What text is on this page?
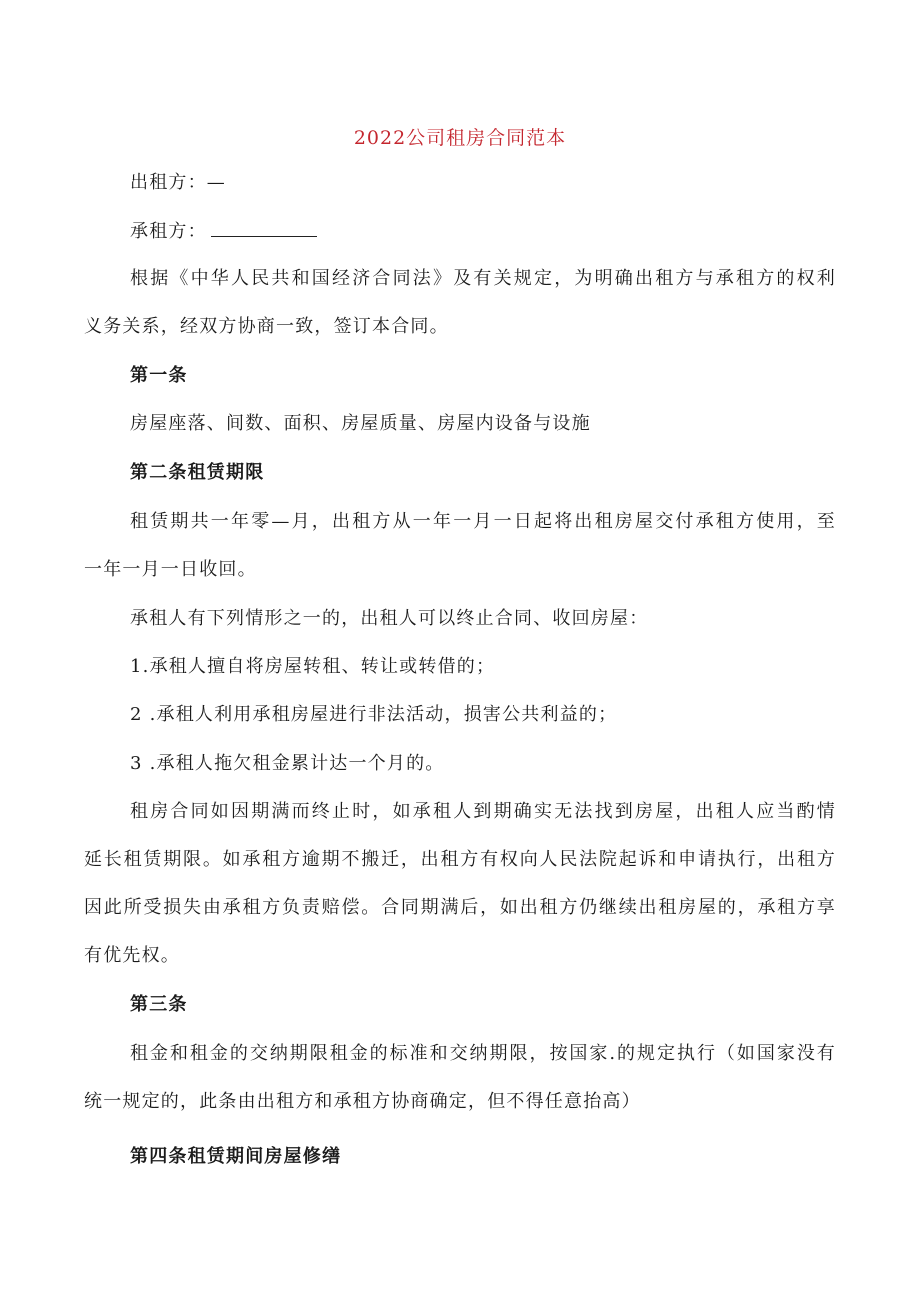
2022公司租房合同范本
出租方：—
承租方：
根据《中华人民共和国经济合同法》及有关规定，为明确出租方与承租方的权利
义务关系，经双方协商一致，签订本合同。
第一条
房屋座落、间数、面积、房屋质量、房屋内设备与设施
第二条租赁期限
租赁期共一年零—月，出租方从一年一月一日起将出租房屋交付承租方使用，至
一年一月一日收回。
承租人有下列情形之一的，出租人可以终止合同、收回房屋：
1.承租人擅自将房屋转租、转让或转借的；
2 .承租人利用承租房屋进行非法活动，损害公共利益的；
3 .承租人拖欠租金累计达一个月的。
租房合同如因期满而终止时，如承租人到期确实无法找到房屋，出租人应当酌情
延长租赁期限。如承租方逾期不搬迁，出租方有权向人民法院起诉和申请执行，出租方
因此所受损失由承租方负责赔偿。合同期满后，如出租方仍继续出租房屋的，承租方享
有优先权。
第三条
租金和租金的交纳期限租金的标准和交纳期限，按国家.的规定执行（如国家没有
统一规定的，此条由出租方和承租方协商确定，但不得任意抬高）
第四条租赁期间房屋修缮
